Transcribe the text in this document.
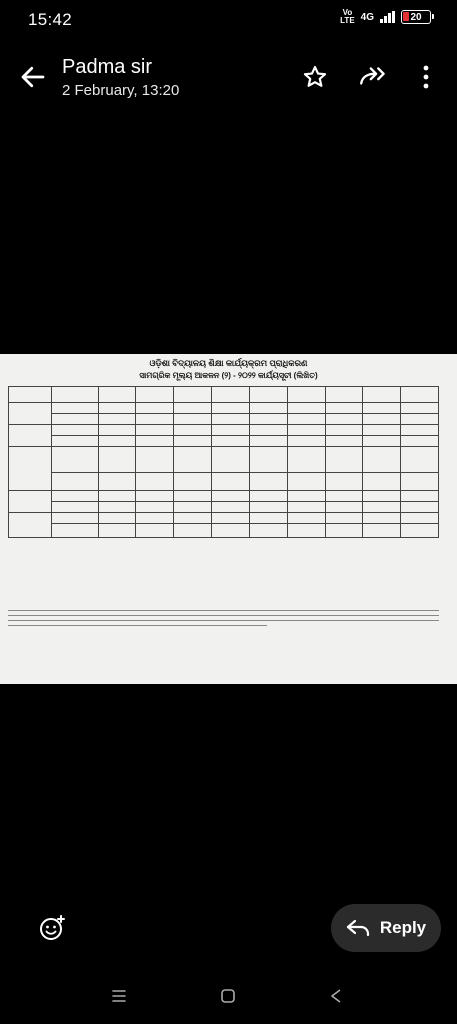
15:42	Vo
LTE 4G	20
Padma sir
2 February, 13:20
ଓଡ଼ିଶା ବିଦ୍ୟାଳୟ ଶିକ୍ଷା କାର୍ଯ୍ୟକ୍ରମ ପ୍ରାଧିକରଣ
ସାମଗ୍ରିକ ମୂଲ୍ୟ ଆକଳନ (୨) - ୨୦୨୨ କାର୍ଯ୍ୟସୂଚୀ (ଲିଖିତ)

Reply
